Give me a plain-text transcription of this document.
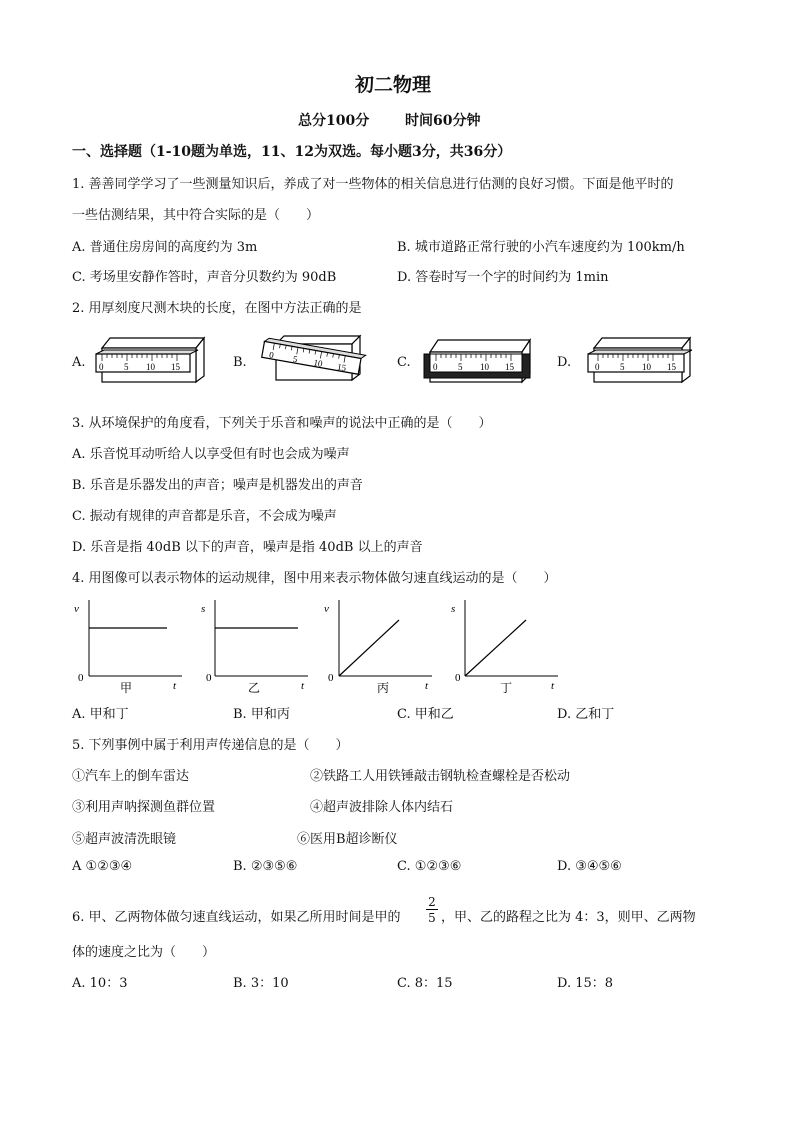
初二物理
总分100分	时间60分钟
一、选择题（1-10题为单选，11、12为双选。每小题3分，共36分）
1. 善善同学学习了一些测量知识后，养成了对一些物体的相关信息进行估测的良好习惯。下面是他平时的
一些估测结果，其中符合实际的是（　　）
A. 普通住房房间的高度约为 3m	B. 城市道路正常行驶的小汽车速度约为 100km/h
C. 考场里安静作答时，声音分贝数约为 90dB	D. 答卷时写一个字的时间约为 1min
2. 用厚刻度尺测木块的长度，在图中方法正确的是
A. 0 5 10 15	B.
0 5 10 15	C. 0 5 10 15	D.	0 5 10 15
3. 从环境保护的角度看，下列关于乐音和噪声的说法中正确的是（　　）
A. 乐音悦耳动听给人以享受但有时也会成为噪声
B. 乐音是乐器发出的声音；噪声是机器发出的声音
C. 振动有规律的声音都是乐音，不会成为噪声
D. 乐音是指 40dB 以下的声音，噪声是指 40dB 以上的声音
4. 用图像可以表示物体的运动规律，图中用来表示物体做匀速直线运动的是（　　）
v
0
t
甲
s
0
t
乙
v
0
t
丙
s
0
t
丁
A. 甲和丁	B. 甲和丙	C. 甲和乙	D. 乙和丁
5. 下列事例中属于利用声传递信息的是（　　）
①汽车上的倒车雷达	②铁路工人用铁锤敲击钢轨检查螺栓是否松动
③利用声呐探测鱼群位置	④超声波排除人体内结石
⑤超声波清洗眼镜	⑥医用B超诊断仪
A ①②③④	B. ②③⑤⑥	C. ①②③⑥	D. ③④⑤⑥
6. 甲、乙两物体做匀速直线运动，如果乙所用时间是甲的
2
5 ，甲、乙的路程之比为 4：3，则甲、乙两物
体的速度之比为（　　）
A. 10：3	B. 3：10	C. 8：15	D. 15：8
